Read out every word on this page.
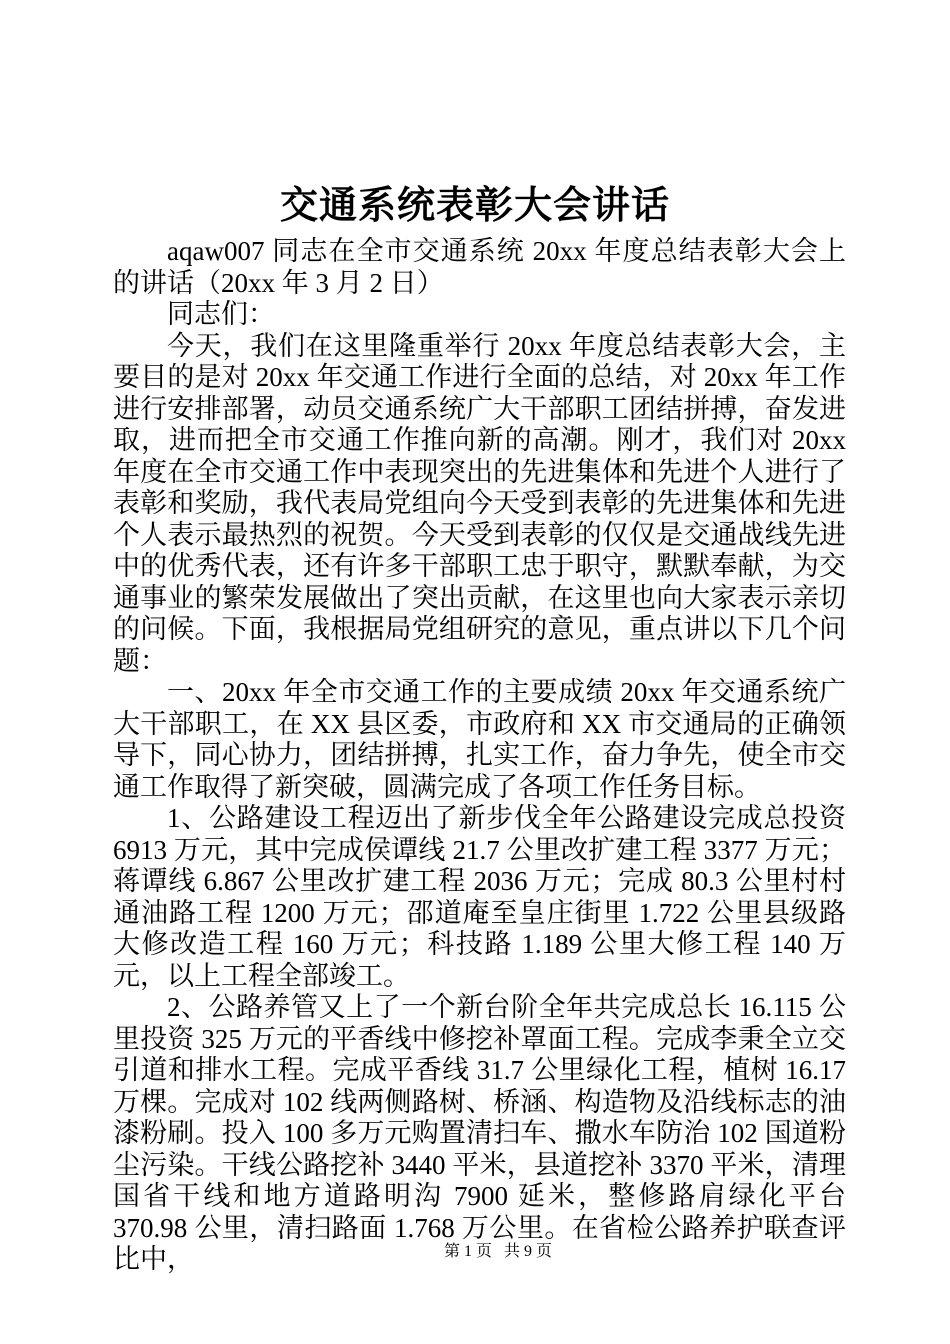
交通系统表彰大会讲话
aqaw007 同志在全市交通系统 20xx 年度总结表彰大会上的讲话（20xx 年 3 月 2 日）
同志们：
今天，我们在这里隆重举行 20xx 年度总结表彰大会，主要目的是对 20xx 年交通工作进行全面的总结，对 20xx 年工作进行安排部署，动员交通系统广大干部职工团结拼搏，奋发进取，进而把全市交通工作推向新的高潮。刚才，我们对 20xx 年度在全市交通工作中表现突出的先进集体和先进个人进行了表彰和奖励，我代表局党组向今天受到表彰的先进集体和先进个人表示最热烈的祝贺。今天受到表彰的仅仅是交通战线先进中的优秀代表，还有许多干部职工忠于职守，默默奉献，为交通事业的繁荣发展做出了突出贡献，在这里也向大家表示亲切的问候。下面，我根据局党组研究的意见，重点讲以下几个问题：
一、20xx 年全市交通工作的主要成绩 20xx 年交通系统广大干部职工，在 XX 县区委，市政府和 XX 市交通局的正确领导下，同心协力，团结拼搏，扎实工作，奋力争先，使全市交通工作取得了新突破，圆满完成了各项工作任务目标。
1、公路建设工程迈出了新步伐全年公路建设完成总投资 6913 万元，其中完成侯谭线 21.7 公里改扩建工程 3377 万元；蒋谭线 6.867 公里改扩建工程 2036 万元；完成 80.3 公里村村通油路工程 1200 万元；邵道庵至皇庄街里 1.722 公里县级路大修改造工程 160 万元；科技路 1.189 公里大修工程 140 万元，以上工程全部竣工。
2、公路养管又上了一个新台阶全年共完成总长 16.115 公里投资 325 万元的平香线中修挖补罩面工程。完成李秉全立交引道和排水工程。完成平香线 31.7 公里绿化工程，植树 16.17 万棵。完成对 102 线两侧路树、桥涵、构造物及沿线标志的油漆粉刷。投入 100 多万元购置清扫车、撒水车防治 102 国道粉尘污染。干线公路挖补 3440 平米，县道挖补 3370 平米，清理国省干线和地方道路明沟 7900 延米，整修路肩绿化平台 370.98 公里，清扫路面 1.768 万公里。在省检公路养护联查评比中，	第 1 页 共 9 页
